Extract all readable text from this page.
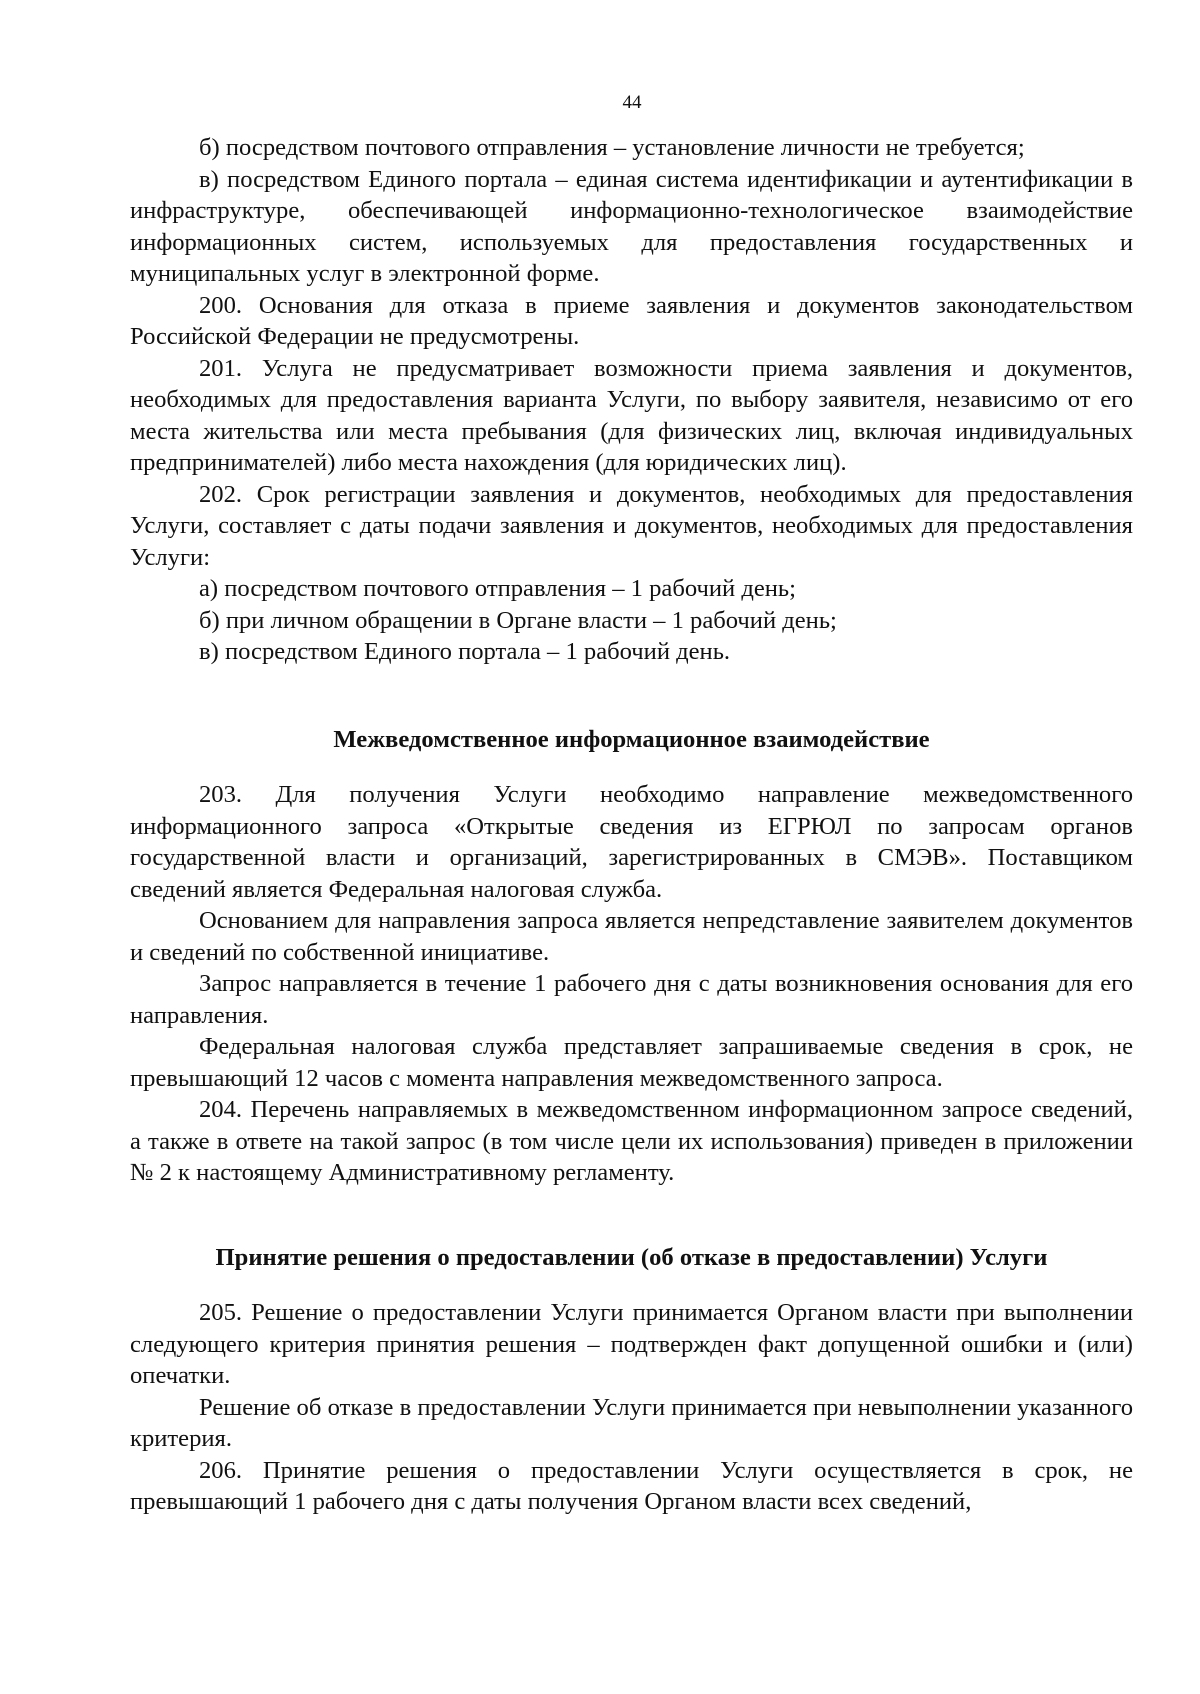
44

б) посредством почтового отправления – установление личности не требуется;

в) посредством Единого портала – единая система идентификации и аутентификации в инфраструктуре, обеспечивающей информационно-технологическое взаимодействие информационных систем, используемых для предоставления государственных и муниципальных услуг в электронной форме.

200. Основания для отказа в приеме заявления и документов законодательством Российской Федерации не предусмотрены.

201. Услуга не предусматривает возможности приема заявления и документов, необходимых для предоставления варианта Услуги, по выбору заявителя, независимо от его места жительства или места пребывания (для физических лиц, включая индивидуальных предпринимателей) либо места нахождения (для юридических лиц).

202. Срок регистрации заявления и документов, необходимых для предоставления Услуги, составляет с даты подачи заявления и документов, необходимых для предоставления Услуги:

а) посредством почтового отправления – 1 рабочий день;

б) при личном обращении в Органе власти – 1 рабочий день;

в) посредством Единого портала – 1 рабочий день.

Межведомственное информационное взаимодействие

203. Для получения Услуги необходимо направление межведомственного информационного запроса «Открытые сведения из ЕГРЮЛ по запросам органов государственной власти и организаций, зарегистрированных в СМЭВ». Поставщиком сведений является Федеральная налоговая служба.

Основанием для направления запроса является непредставление заявителем документов и сведений по собственной инициативе.

Запрос направляется в течение 1 рабочего дня с даты возникновения основания для его направления.

Федеральная налоговая служба представляет запрашиваемые сведения в срок, не превышающий 12 часов с момента направления межведомственного запроса.

204. Перечень направляемых в межведомственном информационном запросе сведений, а также в ответе на такой запрос (в том числе цели их использования) приведен в приложении № 2 к настоящему Административному регламенту.

Принятие решения о предоставлении (об отказе в предоставлении) Услуги

205. Решение о предоставлении Услуги принимается Органом власти при выполнении следующего критерия принятия решения – подтвержден факт допущенной ошибки и (или) опечатки.

Решение об отказе в предоставлении Услуги принимается при невыполнении указанного критерия.

206. Принятие решения о предоставлении Услуги осуществляется в срок, не превышающий 1 рабочего дня с даты получения Органом власти всех сведений,
